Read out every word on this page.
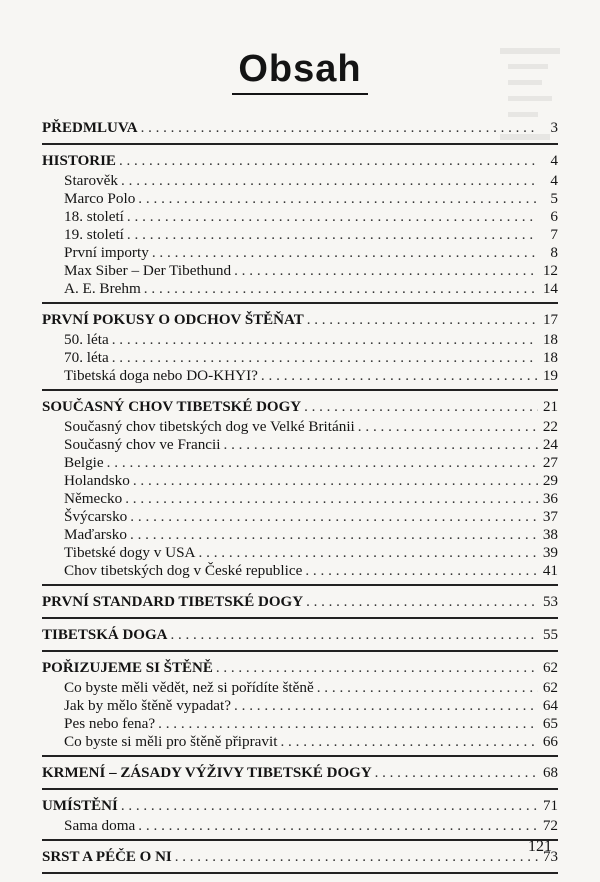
Obsah
PŘEDMLUVA . . .	3
HISTORIE . . .	4
Starověk . . .	4
Marco Polo . . .	5
18. století . . .	6
19. století . . .	7
První importy . . .	8
Max Siber – Der Tibethund . . .	12
A. E. Brehm . . .	14
PRVNÍ POKUSY O ODCHOV ŠTĚŇAT . . .	17
50. léta . . .	18
70. léta . . .	18
Tibetská doga nebo DO-KHYI? . . .	19
SOUČASNÝ CHOV TIBETSKÉ DOGY . . .	21
Současný chov tibetských dog ve Velké Británii . . .	22
Současný chov ve Francii . . .	24
Belgie . . .	27
Holandsko . . .	29
Německo . . .	36
Švýcarsko . . .	37
Maďarsko . . .	38
Tibetské dogy v USA . . .	39
Chov tibetských dog v České republice . . .	41
PRVNÍ STANDARD TIBETSKÉ DOGY . . .	53
TIBETSKÁ DOGA . . .	55
POŘIZUJEME SI ŠTĚNĚ . . .	62
Co byste měli vědět, než si pořídíte štěně . . .	62
Jak by mělo štěně vypadat? . . .	64
Pes nebo fena? . . .	65
Co byste si měli pro štěně připravit . . .	66
KRMENÍ – ZÁSADY VÝŽIVY TIBETSKÉ DOGY . . .	68
UMÍSTĚNÍ . . .	71
Sama doma . . .	72
SRST A PÉČE O NI . . .	73
121
